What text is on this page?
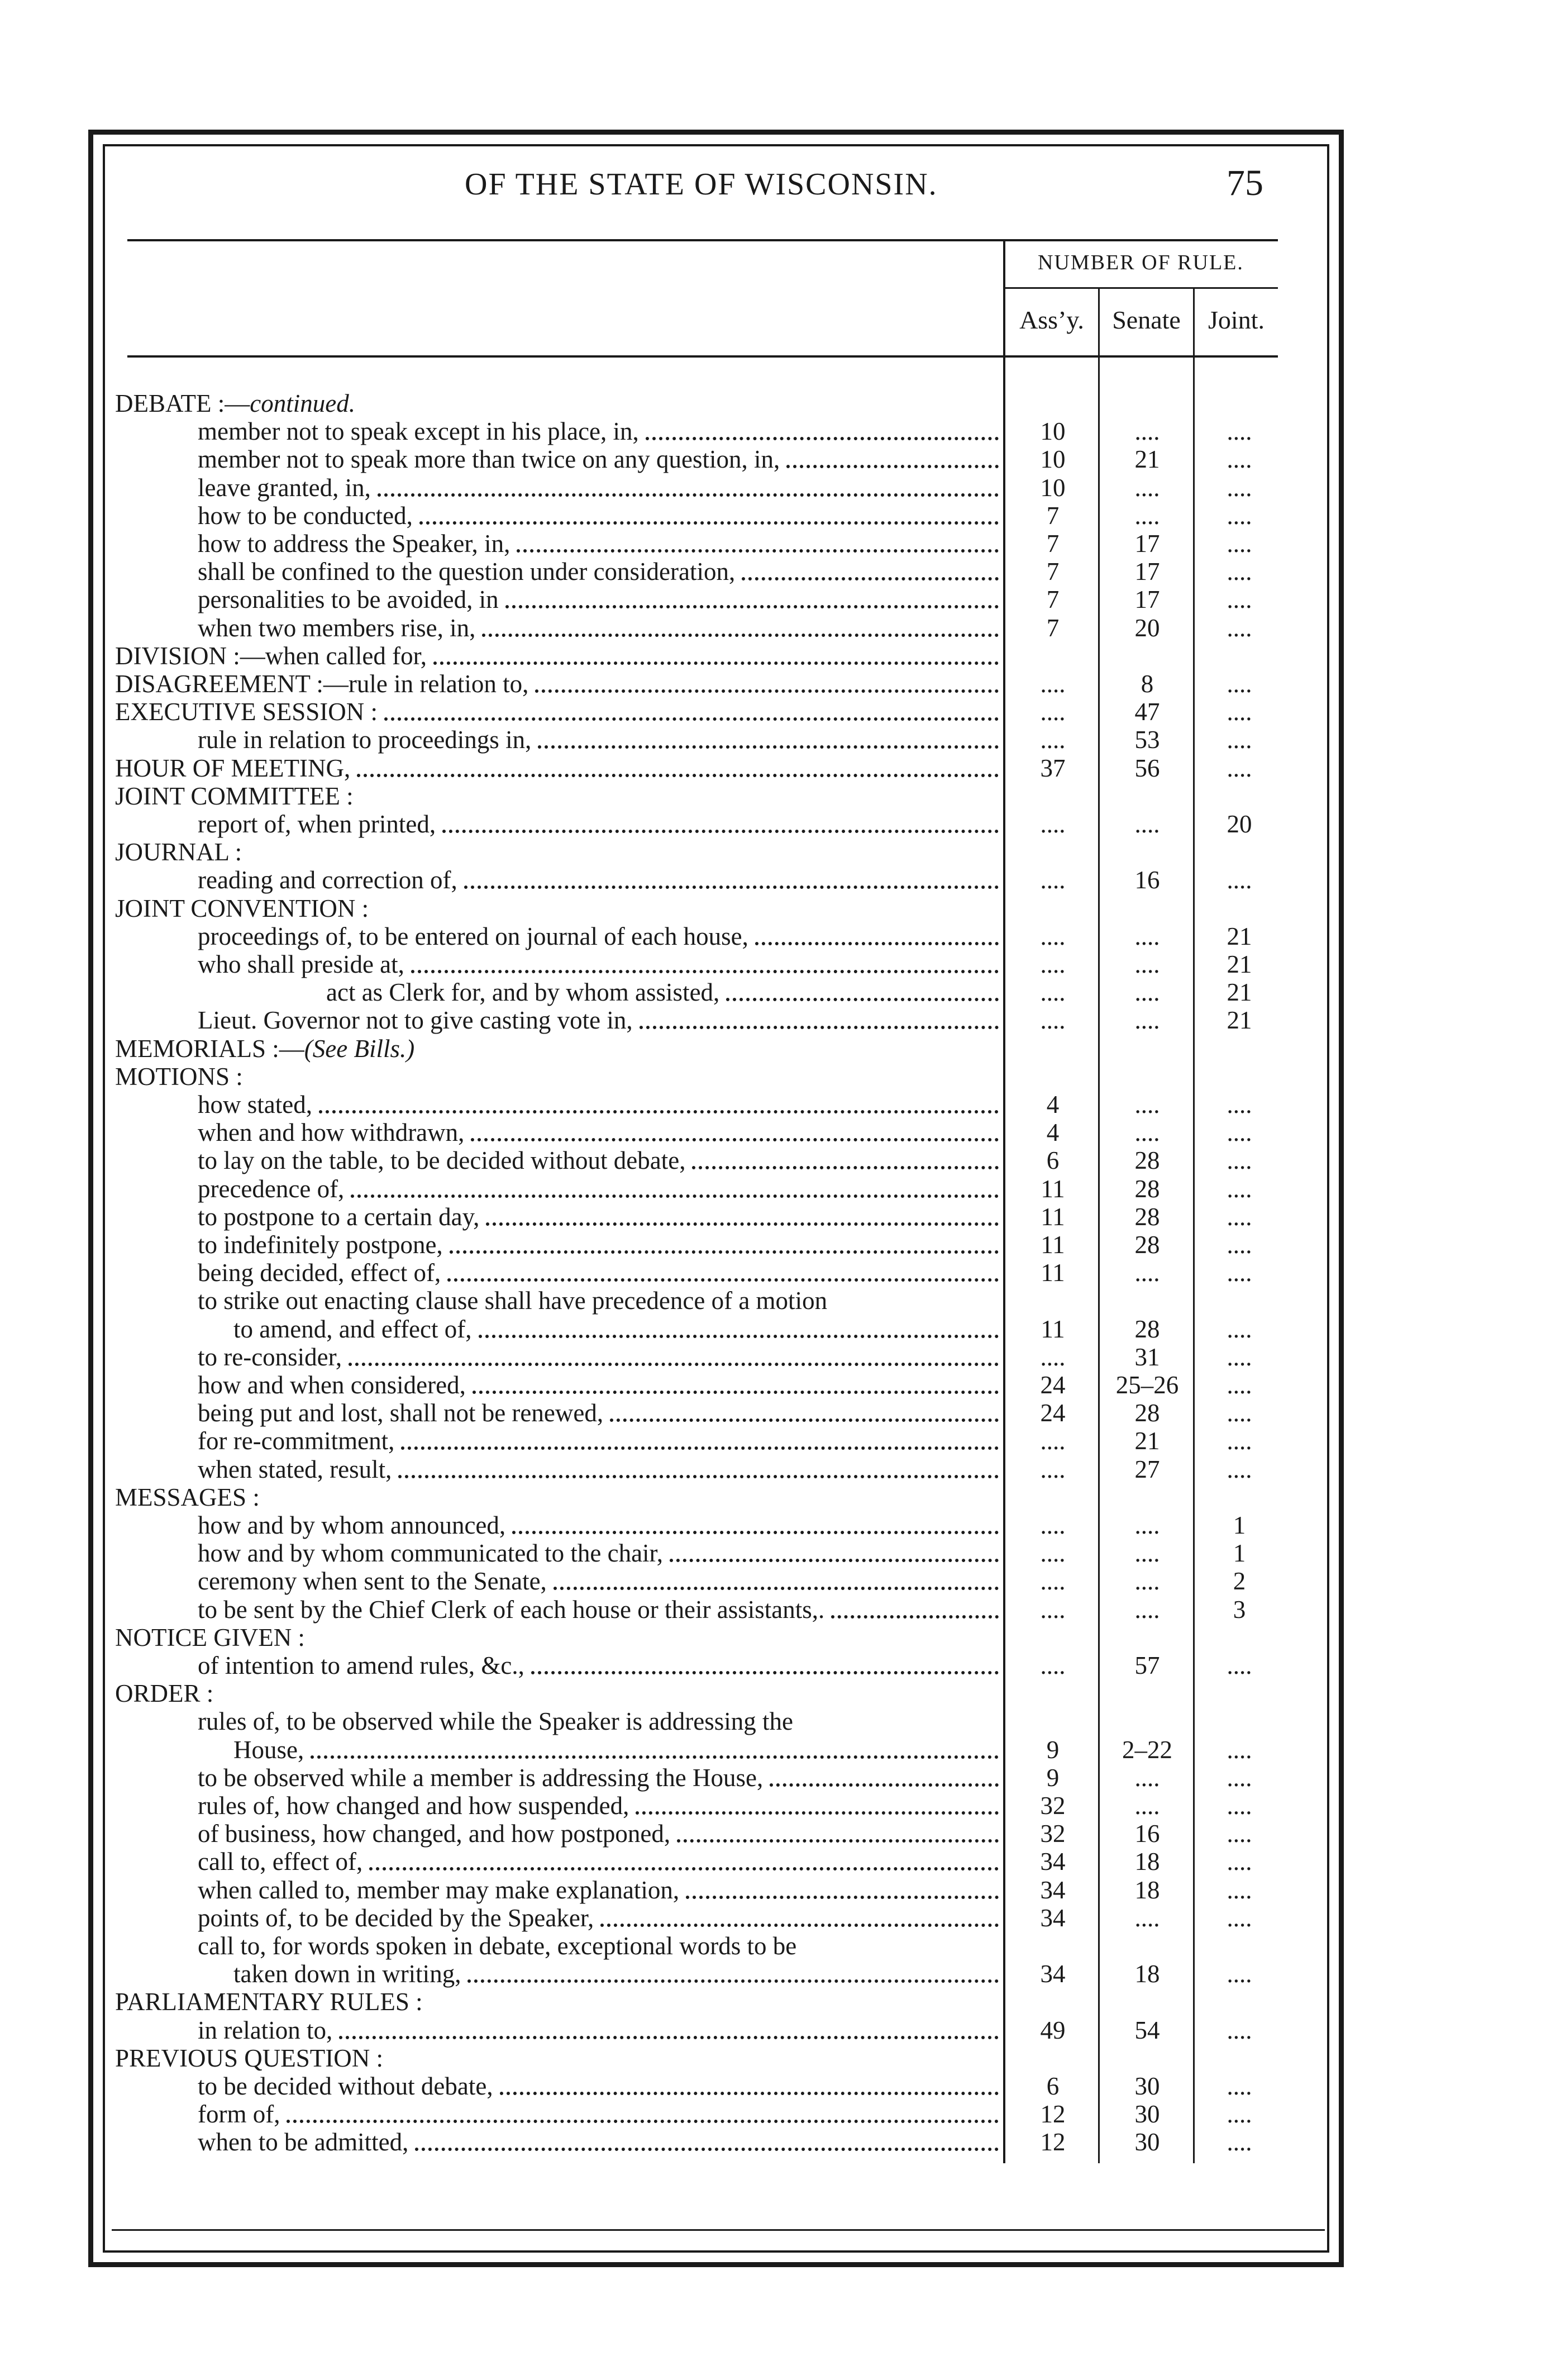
OF THE STATE OF WISCONSIN.	75
NUMBER OF RULE.
Ass’y.	Senate	Joint.
DEBATE :—continued.
member not to speak except in his place, in,	10	....	....
member not to speak more than twice on any question, in,	10	21	....
leave granted, in,	10	....	....
how to be conducted,	7	....	....
how to address the Speaker, in,	7	17	....
shall be confined to the question under consideration,	7	17	....
personalities to be avoided, in	7	17	....
when two members rise, in,	7	20	....
DIVISION :—when called for,
DISAGREEMENT :—rule in relation to,	....	8	....
EXECUTIVE SESSION :	....	47	....
rule in relation to proceedings in,	....	53	....
HOUR OF MEETING,	37	56	....
JOINT COMMITTEE :
report of, when printed,	....	....	20
JOURNAL :
reading and correction of,	....	16	....
JOINT CONVENTION :
proceedings of, to be entered on journal of each house,	....	....	21
who shall preside at,	....	....	21
act as Clerk for, and by whom assisted,	....	....	21
Lieut. Governor not to give casting vote in,	....	....	21
MEMORIALS :—(See Bills.)
MOTIONS :
how stated,	4	....	....
when and how withdrawn,	4	....	....
to lay on the table, to be decided without debate,	6	28	....
precedence of,	11	28	....
to postpone to a certain day,	11	28	....
to indefinitely postpone,	11	28	....
being decided, effect of,	11	....	....
to strike out enacting clause shall have precedence of a motion
to amend, and effect of,	11	28	....
to re-consider,	....	31	....
how and when considered,	24	25–26	....
being put and lost, shall not be renewed,	24	28	....
for re-commitment,	....	21	....
when stated, result,	....	27	....
MESSAGES :
how and by whom announced,	....	....	1
how and by whom communicated to the chair,	....	....	1
ceremony when sent to the Senate,	....	....	2
to be sent by the Chief Clerk of each house or their assistants,.	....	....	3
NOTICE GIVEN :
of intention to amend rules, &c.,	....	57	....
ORDER :
rules of, to be observed while the Speaker is addressing the
House,	9	2–22	....
to be observed while a member is addressing the House,	9	....	....
rules of, how changed and how suspended,	32	....	....
of business, how changed, and how postponed,	32	16	....
call to, effect of,	34	18	....
when called to, member may make explanation,	34	18	....
points of, to be decided by the Speaker,	34	....	....
call to, for words spoken in debate, exceptional words to be
taken down in writing,	34	18	....
PARLIAMENTARY RULES :
in relation to,	49	54	....
PREVIOUS QUESTION :
to be decided without debate,	6	30	....
form of,	12	30	....
when to be admitted,	12	30	....
